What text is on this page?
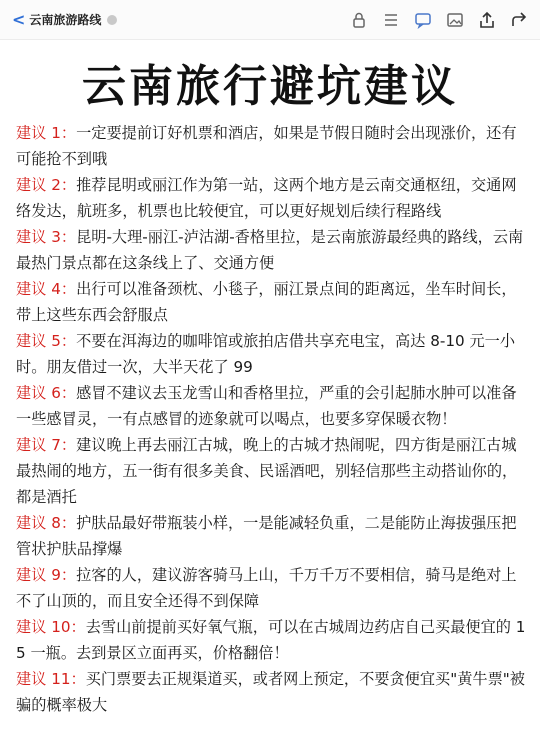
< 云南旅游路线
云南旅行避坑建议

建议 1：一定要提前订好机票和酒店，如果是节假日随时会出现涨价，还有可能抢不到哦

建议 2：推荐昆明或丽江作为第一站，这两个地方是云南交通枢纽，交通网络发达，航班多，机票也比较便宜，可以更好规划后续行程路线

建议 3：昆明-大理-丽江-泸沽湖-香格里拉，是云南旅游最经典的路线，云南最热门景点都在这条线上了、交通方便

建议 4：出行可以准备颈枕、小毯子，丽江景点间的距离远，坐车时间长，带上这些东西会舒服点

建议 5：不要在洱海边的咖啡馆或旅拍店借共享充电宝，高达 8-10 元一小时。朋友借过一次，大半天花了 99

建议 6：感冒不建议去玉龙雪山和香格里拉，严重的会引起肺水肿可以准备一些感冒灵，一有点感冒的迹象就可以喝点，也要多穿保暖衣物！

建议 7：建议晚上再去丽江古城，晚上的古城才热闹呢，四方街是丽江古城最热闹的地方，五一街有很多美食、民谣酒吧，别轻信那些主动搭讪你的，都是酒托

建议 8：护肤品最好带瓶装小样，一是能减轻负重，二是能防止海拔强压把管状护肤品撑爆

建议 9：拉客的人，建议游客骑马上山，千万千万不要相信，骑马是绝对上不了山顶的，而且安全还得不到保障

建议 10：去雪山前提前买好氧气瓶，可以在古城周边药店自己买最便宜的 15 一瓶。去到景区立面再买，价格翻倍！

建议 11：买门票要去正规渠道买，或者网上预定，不要贪便宜买"黄牛票"被骗的概率极大
